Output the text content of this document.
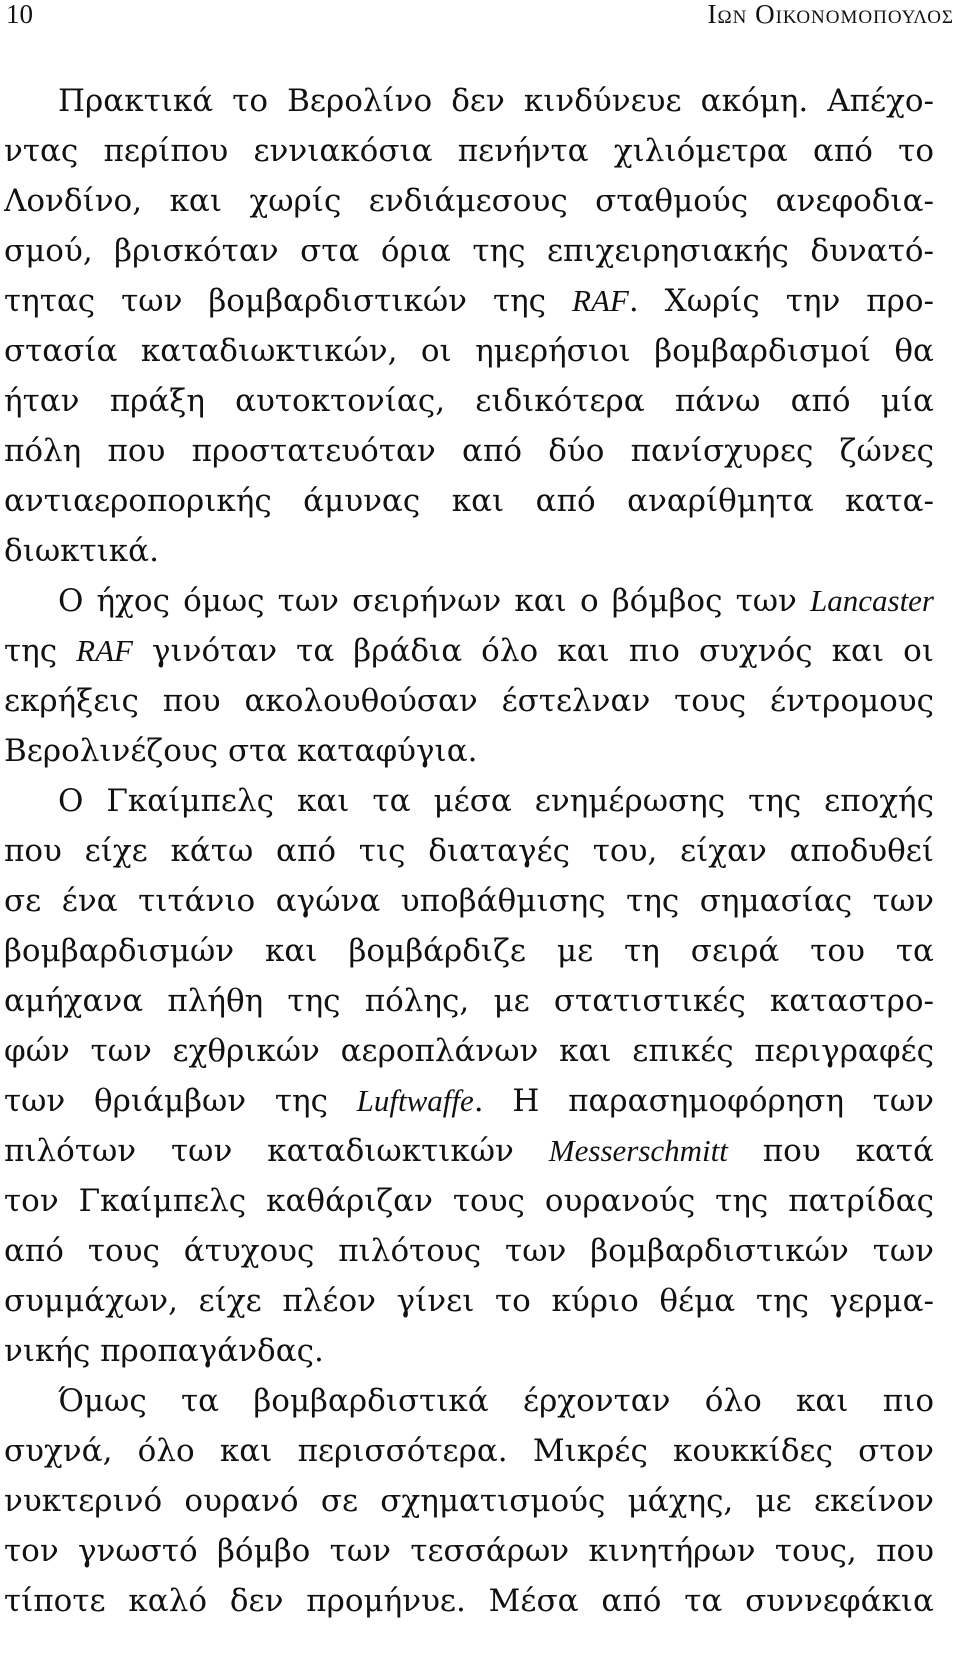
10	Ιων Οικονομοπουλος
Πρακτικά το Βερολίνο δεν κινδύνευε ακόμη. Απέχο-
ντας περίπου εννιακόσια πενήντα χιλιόμετρα από το
Λονδίνο, και χωρίς ενδιάμεσους σταθμούς ανεφοδια-
σμού, βρισκόταν στα όρια της επιχειρησιακής δυνατό-
τητας των βομβαρδιστικών της RAF. Χωρίς την προ-
στασία καταδιωκτικών, οι ημερήσιοι βομβαρδισμοί θα
ήταν πράξη αυτοκτονίας, ειδικότερα πάνω από μία
πόλη που προστατευόταν από δύο πανίσχυρες ζώνες
αντιαεροπορικής άμυνας και από αναρίθμητα κατα-
διωκτικά.
Ο ήχος όμως των σειρήνων και ο βόμβος των Lancaster
της RAF γινόταν τα βράδια όλο και πιο συχνός και οι
εκρήξεις που ακολουθούσαν έστελναν τους έντρομους
Βερολινέζους στα καταφύγια.
Ο Γκαίμπελς και τα μέσα ενημέρωσης της εποχής
που είχε κάτω από τις διαταγές του, είχαν αποδυθεί
σε ένα τιτάνιο αγώνα υποβάθμισης της σημασίας των
βομβαρδισμών και βομβάρδιζε με τη σειρά του τα
αμήχανα πλήθη της πόλης, με στατιστικές καταστρο-
φών των εχθρικών αεροπλάνων και επικές περιγραφές
των θριάμβων της Luftwaffe. Η παρασημοφόρηση των
πιλότων των καταδιωκτικών Messerschmitt που κατά
τον Γκαίμπελς καθάριζαν τους ουρανούς της πατρίδας
από τους άτυχους πιλότους των βομβαρδιστικών των
συμμάχων, είχε πλέον γίνει το κύριο θέμα της γερμα-
νικής προπαγάνδας.
Όμως τα βομβαρδιστικά έρχονταν όλο και πιο
συχνά, όλο και περισσότερα. Μικρές κουκκίδες στον
νυκτερινό ουρανό σε σχηματισμούς μάχης, με εκείνον
τον γνωστό βόμβο των τεσσάρων κινητήρων τους, που
τίποτε καλό δεν προμήνυε. Μέσα από τα συννεφάκια
